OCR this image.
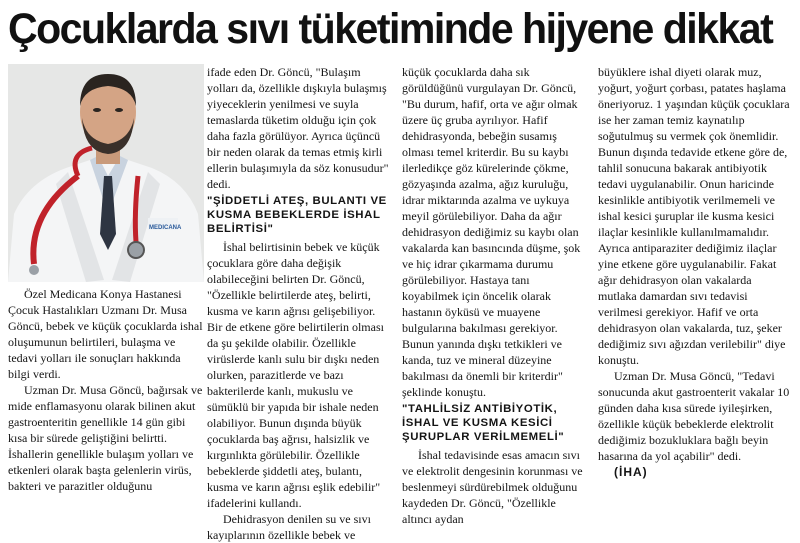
Çocuklarda sıvı tüketiminde hijyene dikkat
MEDICANA

Özel Medicana Konya Hastanesi Çocuk Hastalıkları Uzmanı Dr. Musa Göncü, bebek ve küçük çocuklarda ishal oluşumunun belirtileri, bulaşma ve tedavi yolları ile sonuçları hakkında bilgi verdi.

Uzman Dr. Musa Göncü, bağırsak ve mide enflamasyonu olarak bilinen akut gastroenteritin genellikle 14 gün gibi kısa bir sürede geliştiğini belirtti. İshallerin genellikle bulaşım yolları ve etkenleri olarak başta gelenlerin virüs, bakteri ve parazitler olduğunu

ifade eden Dr. Göncü, "Bulaşım yolları da, özellikle dışkıyla bulaşmış yiyeceklerin yenilmesi ve suyla temaslarda tüketim olduğu için çok daha fazla görülüyor. Ayrıca üçüncü bir neden olarak da temas etmiş kirli ellerin bulaşımıyla da söz konusudur" dedi.

"ŞİDDETLİ ATEŞ, BULANTI VE KUSMA BEBEKLERDE İSHAL BELİRTİSİ"

İshal belirtisinin bebek ve küçük çocuklara göre daha değişik olabileceğini belirten Dr. Göncü, "Özellikle belirtilerde ateş, belirti, kusma ve karın ağrısı gelişebiliyor. Bir de etkene göre belirtilerin olması da şu şekilde olabilir. Özellikle virüslerde kanlı sulu bir dışkı neden olurken, parazitlerde ve bazı bakterilerde kanlı, mukuslu ve sümüklü bir yapıda bir ishale neden olabiliyor. Bunun dışında büyük çocuklarda baş ağrısı, halsizlik ve kırgınlıkta görülebilir. Özellikle bebeklerde şiddetli ateş, bulantı, kusma ve karın ağrısı eşlik edebilir" ifadelerini kullandı.

Dehidrasyon denilen su ve sıvı kayıplarının özellikle bebek ve

küçük çocuklarda daha sık görüldüğünü vurgulayan Dr. Göncü, "Bu durum, hafif, orta ve ağır olmak üzere üç gruba ayrılıyor. Hafif dehidrasyonda, bebeğin susamış olması temel kriterdir. Bu su kaybı ilerledikçe göz kürelerinde çökme, gözyaşında azalma, ağız kuruluğu, idrar miktarında azalma ve uykuya meyil görülebiliyor. Daha da ağır dehidrasyon dediğimiz su kaybı olan vakalarda kan basıncında düşme, şok ve hiç idrar çıkarmama durumu görülebiliyor. Hastaya tanı koyabilmek için öncelik olarak hastanın öyküsü ve muayene bulgularına bakılması gerekiyor. Bunun yanında dışkı tetkikleri ve kanda, tuz ve mineral düzeyine bakılması da önemli bir kriterdir" şeklinde konuştu.

"TAHLİLSİZ ANTİBİYOTİK, İSHAL VE KUSMA KESİCİ ŞURUPLAR VERİLMEMELİ"

İshal tedavisinde esas amacın sıvı ve elektrolit dengesinin korunması ve beslenmeyi sürdürebilmek olduğunu kaydeden Dr. Göncü, "Özellikle altıncı aydan

büyüklere ishal diyeti olarak muz, yoğurt, yoğurt çorbası, patates haşlama öneriyoruz. 1 yaşından küçük çocuklara ise her zaman temiz kaynatılıp soğutulmuş su vermek çok önemlidir. Bunun dışında tedavide etkene göre de, tahlil sonucuna bakarak antibiyotik tedavi uygulanabilir. Onun haricinde kesinlikle antibiyotik verilmemeli ve ishal kesici şuruplar ile kusma kesici ilaçlar kesinlikle kullanılmamalıdır. Ayrıca antiparaziter dediğimiz ilaçlar yine etkene göre uygulanabilir. Fakat ağır dehidrasyon olan vakalarda mutlaka damardan sıvı tedavisi verilmesi gerekiyor. Hafif ve orta dehidrasyon olan vakalarda, tuz, şeker dediğimiz sıvı ağızdan verilebilir" diye konuştu.

Uzman Dr. Musa Göncü, "Tedavi sonucunda akut gastroenterit vakalar 10 günden daha kısa sürede iyileşirken, özellikle küçük bebeklerde elektrolit dediğimiz bozukluklara bağlı beyin hasarına da yol açabilir" dedi.

(İHA)
